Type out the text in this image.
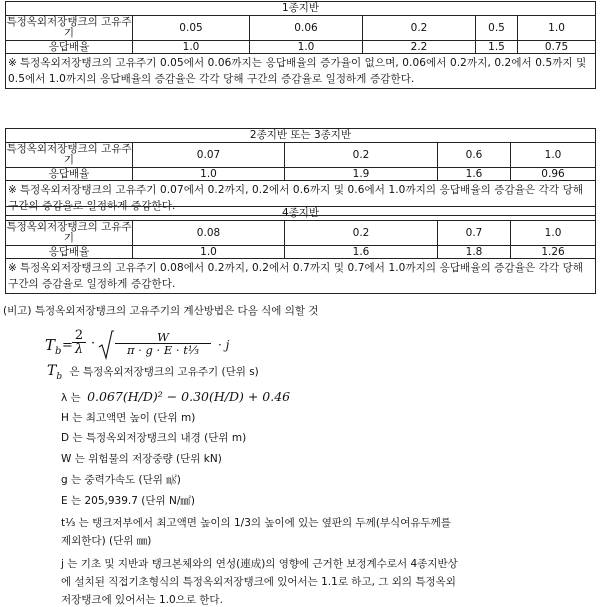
1종지반					
특정옥외저장탱크의 고유주기	0.05	0.06	0.2	0.5	1.0
응답배율	1.0	1.0	2.2	1.5	0.75
※ 특정옥외저장탱크의 고유주기 0.05에서 0.06까지는 응답배율의 증가율이 없으며, 0.06에서 0.2까지, 0.2에서 0.5까지 및 0.5에서 1.0까지의 응답배율의 증감율은 각각 당해 구간의 증감율로 일정하게 증감한다.					
2종지반 또는 3종지반				
특정옥외저장탱크의 고유주기	0.07	0.2	0.6	1.0
응답배율	1.0	1.9	1.6	0.96
※ 특정옥외저장탱크의 고유주기 0.07에서 0.2까지, 0.2에서 0.6까지 및 0.6에서 1.0까지의 응답배율의 증감율은 각각 당해 구간의 증감율로 일정하게 증감한다.				
4종지반				
특정옥외저장탱크의 고유주기	0.08	0.2	0.7	1.0
응답배율	1.0	1.6	1.8	1.26
※ 특정옥외저장탱크의 고유주기 0.08에서 0.2까지, 0.2에서 0.7까지 및 0.7에서 1.0까지의 응답배율의 증감율은 각각 당해 구간의 증감율로 일정하게 증감한다.				
(비고) 특정옥외저장탱크의 고유주기의 계산방법은 다음 식에 의할 것
$T_b = \frac{2}{\lambda} \cdot \frac{W}{\text{π · g · E · t⅓}} \cdot j$
$T_b$ 은 특정옥외저장탱크의 고유주기 (단위 s)
λ 는 0.067(H/D)² − 0.30(H/D) + 0.46
H 는 최고액면 높이 (단위 m)
D 는 특정옥외저장탱크의 내경 (단위 m)
W 는 위험물의 저장중량 (단위 kN)
g 는 중력가속도 (단위 ㎨)
E 는 205,939.7 (단위 N/㎟)
t⅓ 는 탱크저부에서 최고액면 높이의 1/3의 높이에 있는 옆판의 두께(부식여유두께를
제외한다) (단위 ㎜)
j 는 기초 및 지반과 탱크본체와의 연성(連成)의 영향에 근거한 보정계수로서 4종지반상
에 설치된 직접기초형식의 특정옥외저장탱크에 있어서는 1.1로 하고, 그 외의 특정옥외
저장탱크에 있어서는 1.0으로 한다.
